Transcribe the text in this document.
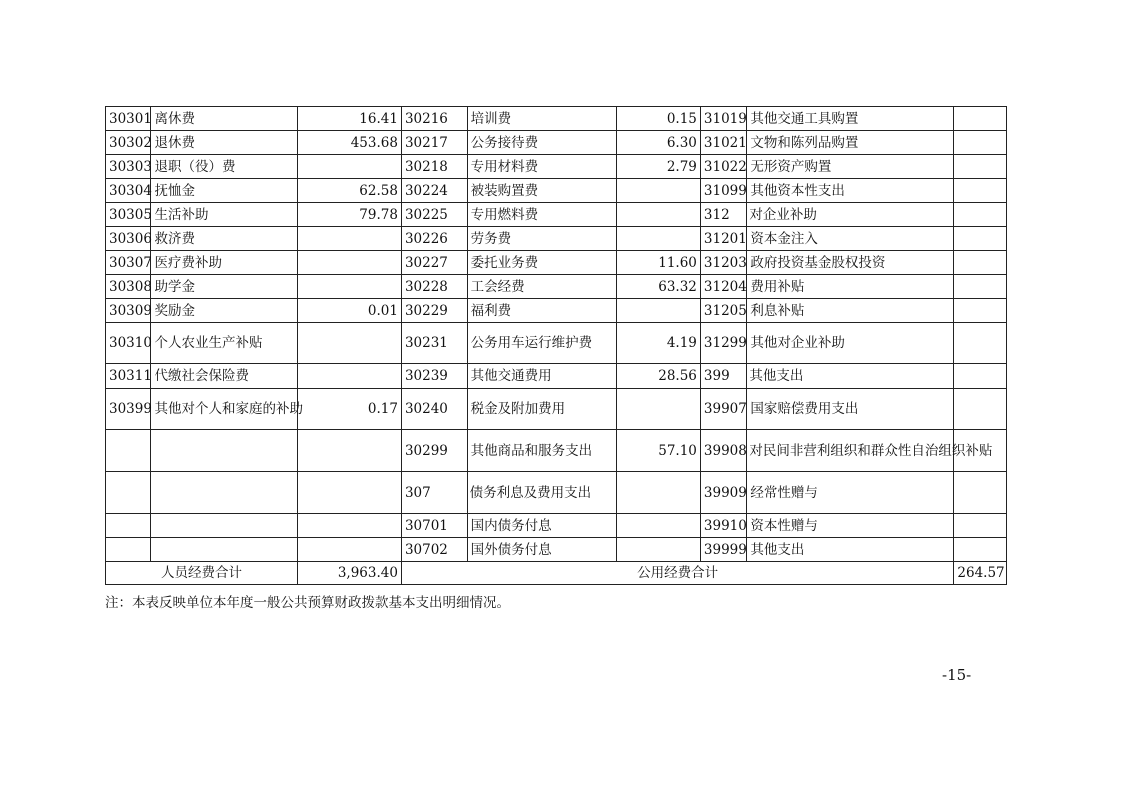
30301	离休费	16.41	30216	培训费	0.15	31019	其他交通工具购置	
30302	退休费	453.68	30217	公务接待费	6.30	31021	文物和陈列品购置	
30303	退职（役）费		30218	专用材料费	2.79	31022	无形资产购置	
30304	抚恤金	62.58	30224	被装购置费		31099	其他资本性支出	
30305	生活补助	79.78	30225	专用燃料费		312	对企业补助	
30306	救济费		30226	劳务费		31201	资本金注入	
30307	医疗费补助		30227	委托业务费	11.60	31203	政府投资基金股权投资	
30308	助学金		30228	工会经费	63.32	31204	费用补贴	
30309	奖励金	0.01	30229	福利费		31205	利息补贴	
30310	个人农业生产补贴		30231	公务用车运行维护费	4.19	31299	其他对企业补助	
30311	代缴社会保险费		30239	其他交通费用	28.56	399	其他支出	
30399	其他对个人和家庭的补助	0.17	30240	税金及附加费用		39907	国家赔偿费用支出	
			30299	其他商品和服务支出	57.10	39908	对民间非营利组织和群众性自治组织补贴	
			307	债务利息及费用支出		39909	经常性赠与	
			30701	国内债务付息		39910	资本性赠与	
			30702	国外债务付息		39999	其他支出	
人员经费合计		3,963.40	公用经费合计					264.57
注：本表反映单位本年度一般公共预算财政拨款基本支出明细情况。
-15-
